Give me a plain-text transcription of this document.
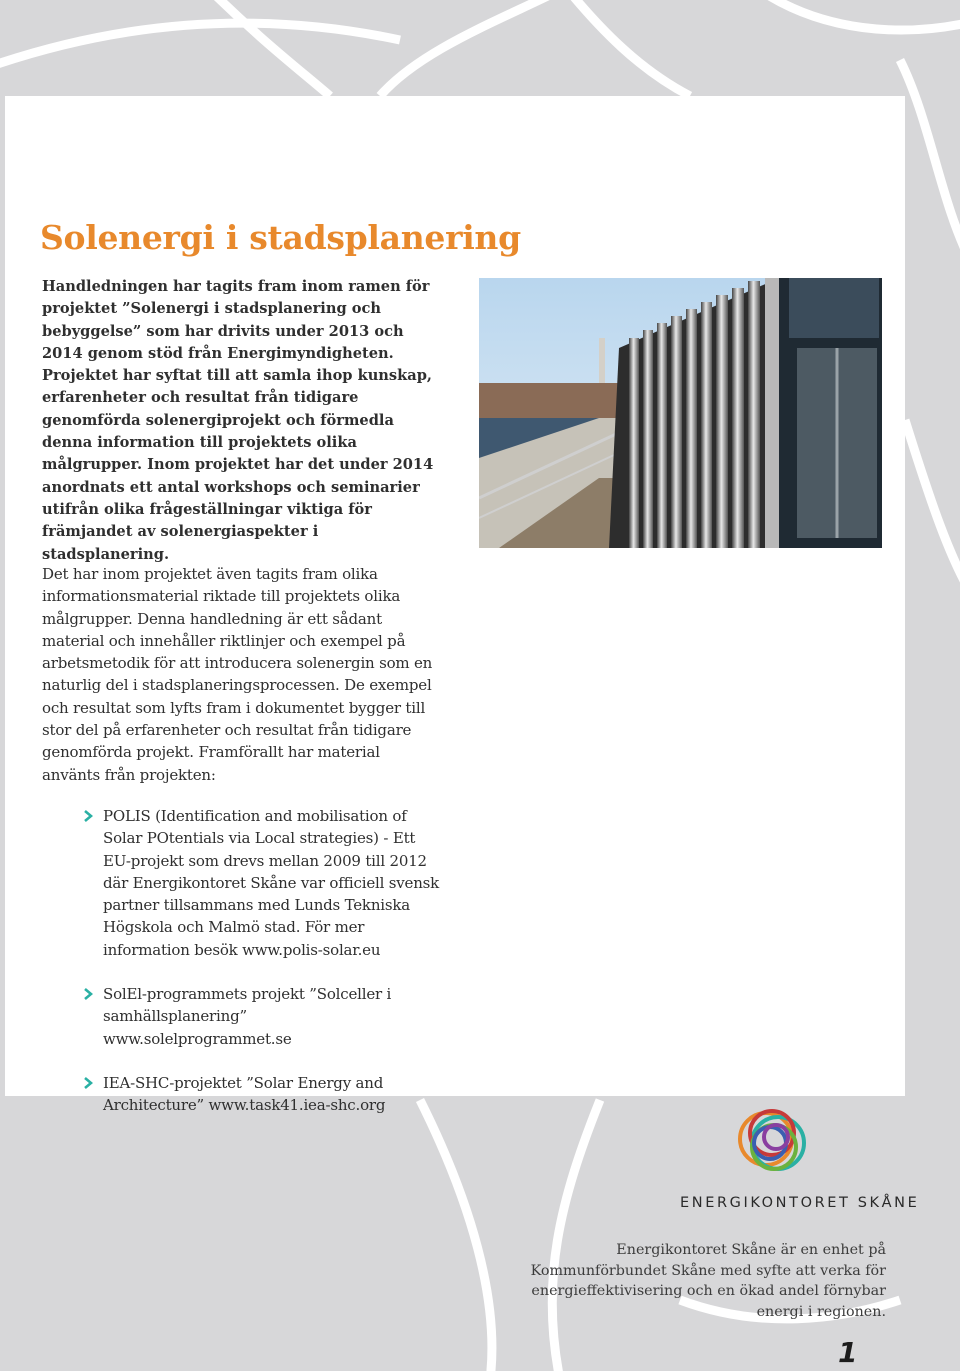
Solenergi i stadsplanering

Handledningen har tagits fram inom ramen för projektet ”Solenergi i stadsplanering och bebyggelse” som har drivits under 2013 och 2014 genom stöd från Energimyndigheten. Projektet har syftat till att samla ihop kunskap, erfarenheter och resultat från tidigare genomförda solenergiprojekt och förmedla denna information till projektets olika målgrupper. Inom projektet har det under 2014 anordnats ett antal workshops och seminarier utifrån olika frågeställningar viktiga för främjandet av solenergiaspekter i stadsplanering.

Det har inom projektet även tagits fram olika informationsmaterial riktade till projektets olika målgrupper. Denna handledning är ett sådant material och innehåller riktlinjer och exempel på arbetsmetodik för att introducera solenergin som en naturlig del i stadsplaneringsprocessen. De exempel och resultat som lyfts fram i dokumentet bygger till stor del på erfarenheter och resultat från tidigare genomförda projekt. Framförallt har material använts från projekten:

POLIS (Identification and mobilisation of Solar POtentials via Local strategies) - Ett EU-projekt som drevs mellan 2009 till 2012 där Energikontoret Skåne var officiell svensk partner tillsammans med Lunds Tekniska Högskola och Malmö stad. För mer information besök www.polis-solar.eu
SolEl-programmets projekt ”Solceller i samhällsplanering” www.solelprogrammet.se
IEA-SHC-projektet ”Solar Energy and Architecture” www.task41.iea-shc.org

ENERGIKONTORET SKÅNE

Energikontoret Skåne är en enhet på Kommunförbundet Skåne med syfte att verka för energieffektivisering och en ökad andel förnybar energi i regionen.

1
